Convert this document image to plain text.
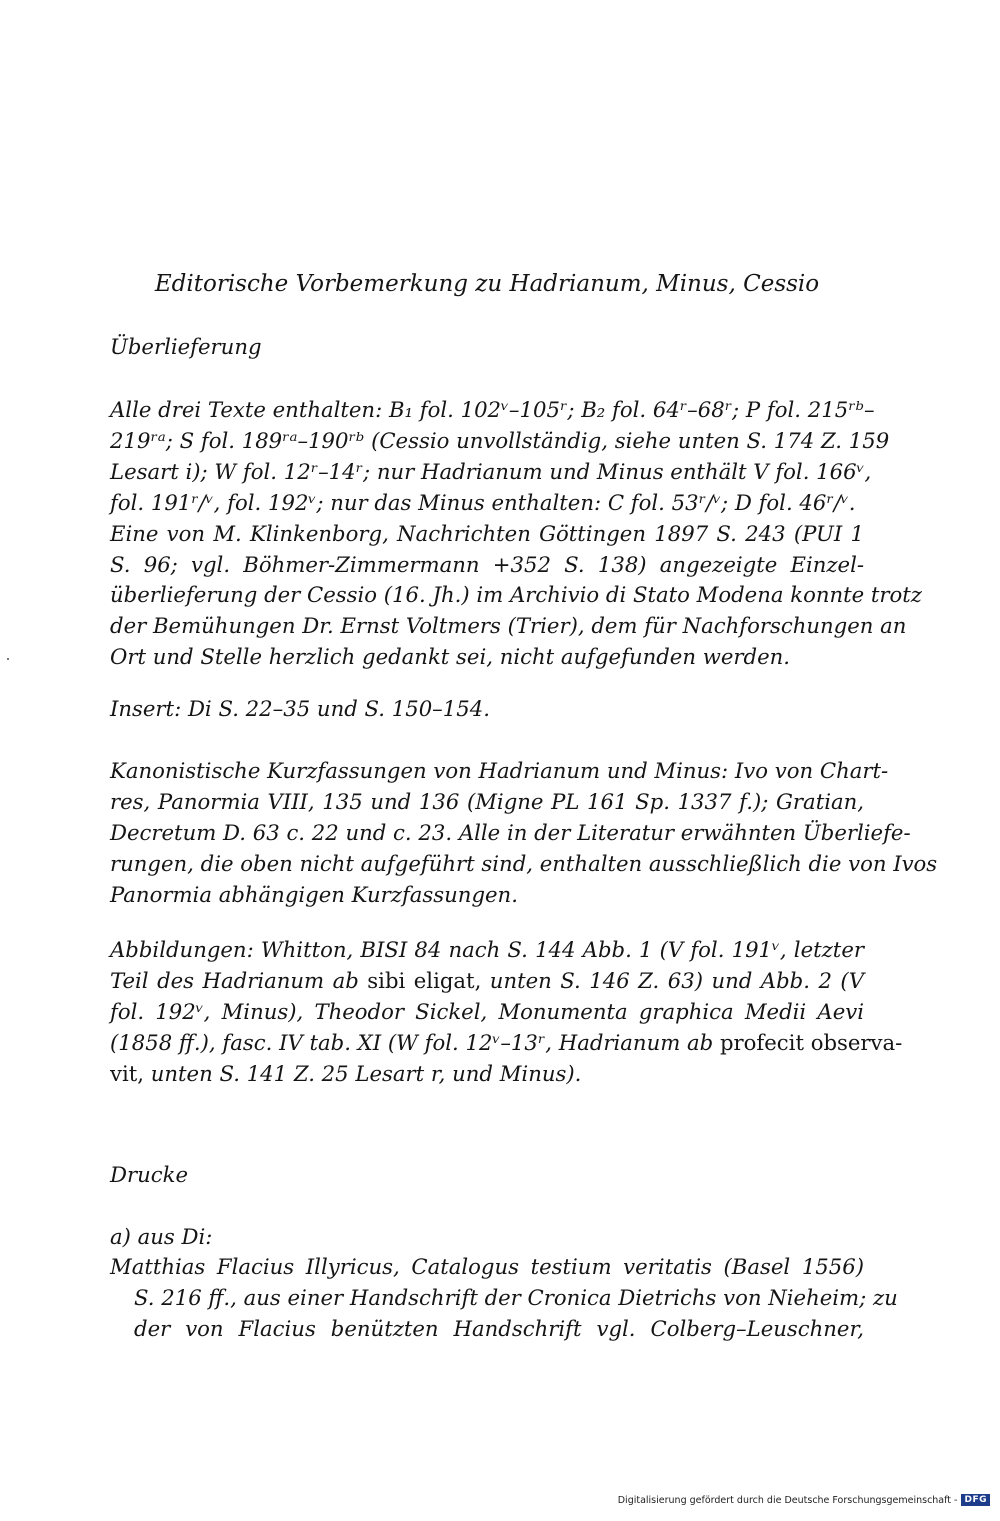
Editorische Vorbemerkung zu Hadrianum, Minus, Cessio
Überlieferung
Alle drei Texte enthalten: B₁ fol. 102ᵛ–105ʳ; B₂ fol. 64ʳ–68ʳ; P fol. 215ʳᵇ–
219ʳᵃ; S fol. 189ʳᵃ–190ʳᵇ (Cessio unvollständig, siehe unten S. 174 Z. 159
Lesart i); W fol. 12ʳ–14ʳ; nur Hadrianum und Minus enthält V fol. 166ᵛ,
fol. 191ʳ/ᵛ, fol. 192ᵛ; nur das Minus enthalten: C fol. 53ʳ/ᵛ; D fol. 46ʳ/ᵛ.
Eine von M. Klinkenborg, Nachrichten Göttingen 1897 S. 243 (PUI 1
S. 96; vgl. Böhmer-Zimmermann +352 S. 138) angezeigte Einzel-
überlieferung der Cessio (16. Jh.) im Archivio di Stato Modena konnte trotz
der Bemühungen Dr. Ernst Voltmers (Trier), dem für Nachforschungen an
Ort und Stelle herzlich gedankt sei, nicht aufgefunden werden.

Insert: Di S. 22–35 und S. 150–154.

Kanonistische Kurzfassungen von Hadrianum und Minus: Ivo von Chart-
res, Panormia VIII, 135 und 136 (Migne PL 161 Sp. 1337 f.); Gratian,
Decretum D. 63 c. 22 und c. 23. Alle in der Literatur erwähnten Überliefe-
rungen, die oben nicht aufgeführt sind, enthalten ausschließlich die von Ivos
Panormia abhängigen Kurzfassungen.
Abbildungen: Whitton, BISI 84 nach S. 144 Abb. 1 (V fol. 191ᵛ, letzter
Teil des Hadrianum ab sibi eligat, unten S. 146 Z. 63) und Abb. 2 (V
fol. 192ᵛ, Minus), Theodor Sickel, Monumenta graphica Medii Aevi
(1858 ff.), fasc. IV tab. XI (W fol. 12ᵛ–13ʳ, Hadrianum ab profecit observa-
vit, unten S. 141 Z. 25 Lesart r, und Minus).
Drucke

a) aus Di:

Matthias Flacius Illyricus, Catalogus testium veritatis (Basel 1556)
S. 216 ff., aus einer Handschrift der Cronica Dietrichs von Nieheim; zu
der von Flacius benützten Handschrift vgl. Colberg–Leuschner,
Digitalisierung gefördert durch die Deutsche Forschungsgemeinschaft - DFG
